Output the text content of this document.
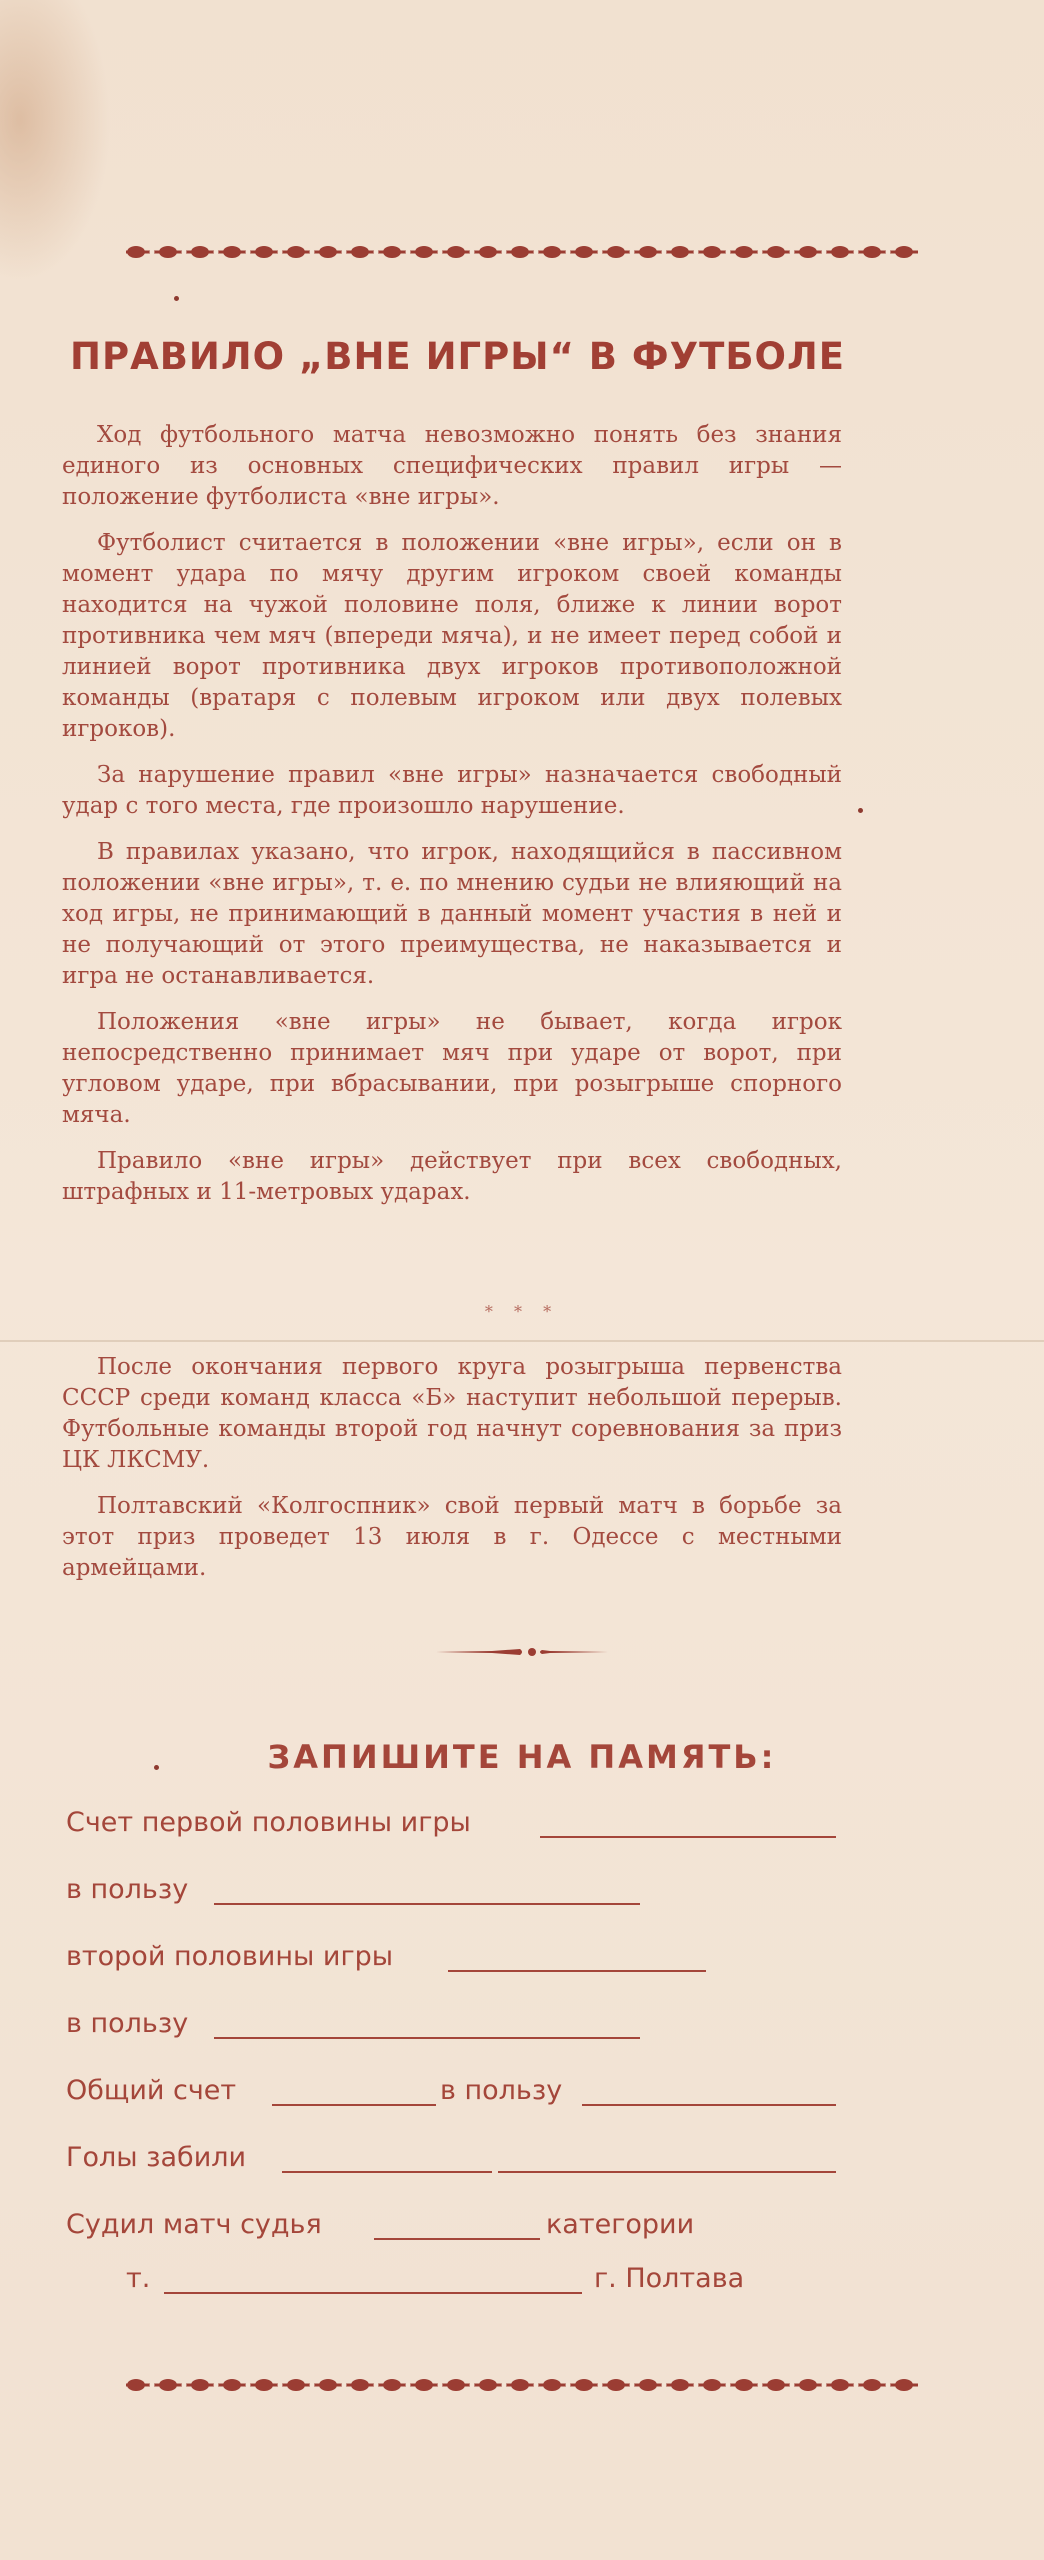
ПРАВИЛО „ВНЕ ИГРЫ“ В ФУТБОЛЕ

Ход футбольного матча невозможно понять без знания единого из основных специфических правил игры — положение футболиста «вне игры».

Футболист считается в положении «вне игры», если он в момент удара по мячу другим игроком своей команды находится на чужой половине поля, ближе к линии ворот противника чем мяч (впереди мяча), и не имеет перед собой и линией ворот противника двух игроков противоположной команды (вратаря с полевым игроком или двух полевых игроков).

За нарушение правил «вне игры» назначается свободный удар с того места, где произошло нарушение.

В правилах указано, что игрок, находящийся в пассивном положении «вне игры», т. е. по мнению судьи не влияющий на ход игры, не принимающий в данный момент участия в ней и не получающий от этого преимущества, не наказывается и игра не останавливается.

Положения «вне игры» не бывает, когда игрок непосредственно принимает мяч при ударе от ворот, при угловом ударе, при вбрасывании, при розыгрыше спорного мяча.

Правило «вне игры» действует при всех свободных, штрафных и 11-метровых ударах.

* * *

После окончания первого круга розыгрыша первенства СССР среди команд класса «Б» наступит небольшой перерыв. Футбольные команды второй год начнут соревнования за приз ЦК ЛКСМУ.

Полтавский «Колгоспник» свой первый матч в борьбе за этот приз проведет 13 июля в г. Одессе с местными армейцами.

ЗАПИШИТЕ НА ПАМЯТЬ:
Счет первой половины игры
в пользу
второй половины игры
в пользу
Общий счет	в пользу
Голы забили
Судил матч судья	категории
т.	г. Полтава
